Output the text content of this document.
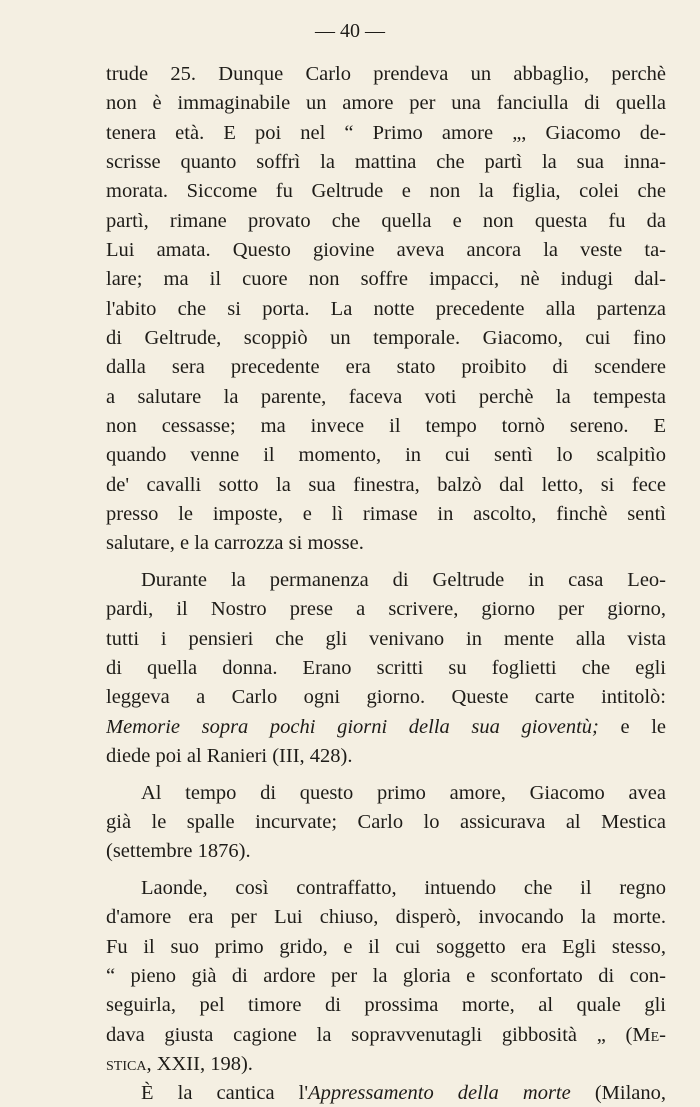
— 40 —
trude 25. Dunque Carlo prendeva un abbaglio, perchè
non è immaginabile un amore per una fanciulla di quella
tenera età. E poi nel “ Primo amore „, Giacomo de-
scrisse quanto soffrì la mattina che partì la sua inna-
morata. Siccome fu Geltrude e non la figlia, colei che
partì, rimane provato che quella e non questa fu da
Lui amata. Questo giovine aveva ancora la veste ta-
lare; ma il cuore non soffre impacci, nè indugi dal-
l'abito che si porta. La notte precedente alla partenza
di Geltrude, scoppiò un temporale. Giacomo, cui fino
dalla sera precedente era stato proibito di scendere
a salutare la parente, faceva voti perchè la tempesta
non cessasse; ma invece il tempo tornò sereno. E
quando venne il momento, in cui sentì lo scalpitìo
de' cavalli sotto la sua finestra, balzò dal letto, si fece
presso le imposte, e lì rimase in ascolto, finchè sentì
salutare, e la carrozza si mosse.
Durante la permanenza di Geltrude in casa Leo-
pardi, il Nostro prese a scrivere, giorno per giorno,
tutti i pensieri che gli venivano in mente alla vista
di quella donna. Erano scritti su foglietti che egli
leggeva a Carlo ogni giorno. Queste carte intitolò:
Memorie sopra pochi giorni della sua gioventù; e le
diede poi al Ranieri (III, 428).
Al tempo di questo primo amore, Giacomo avea
già le spalle incurvate; Carlo lo assicurava al Mestica
(settembre 1876).
Laonde, così contraffatto, intuendo che il regno
d'amore era per Lui chiuso, disperò, invocando la morte.
Fu il suo primo grido, e il cui soggetto era Egli stesso,
“ pieno già di ardore per la gloria e sconfortato di con-
seguirla, pel timore di prossima morte, al quale gli
dava giusta cagione la sopravvenutagli gibbosità „ (Me-
stica, XXII, 198).
È la cantica l'Appressamento della morte (Milano,
